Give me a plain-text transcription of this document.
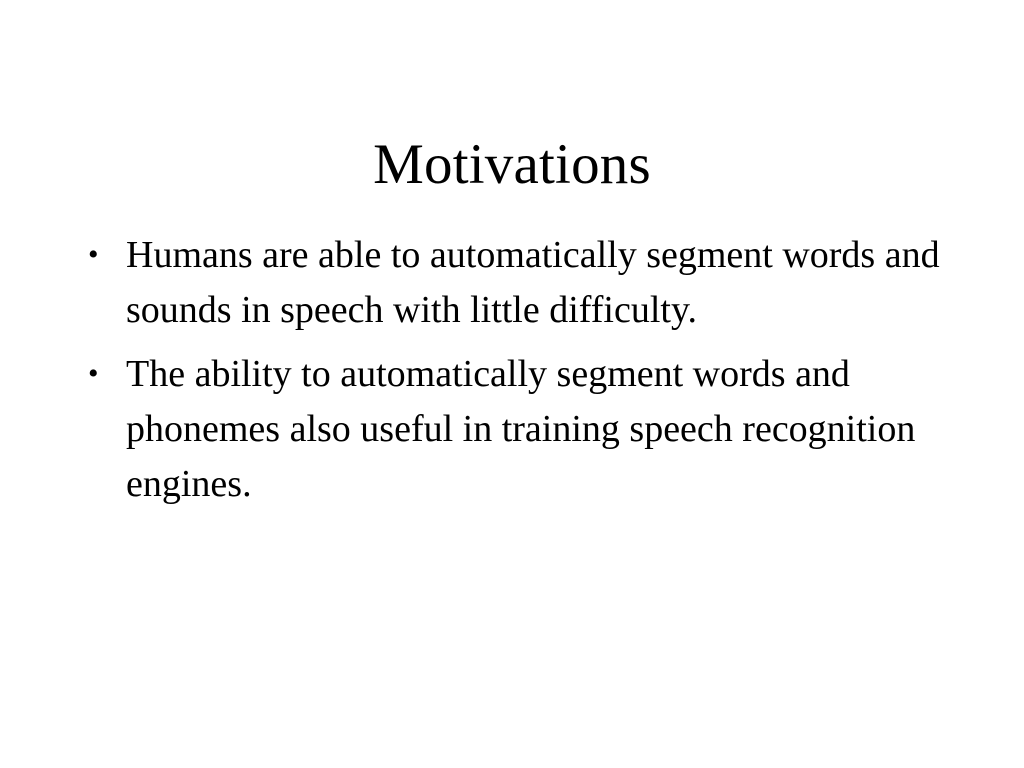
Motivations
• Humans are able to automatically segment words and sounds in speech with little difficulty.
• The ability to automatically segment words and phonemes also useful in training speech recognition engines.
